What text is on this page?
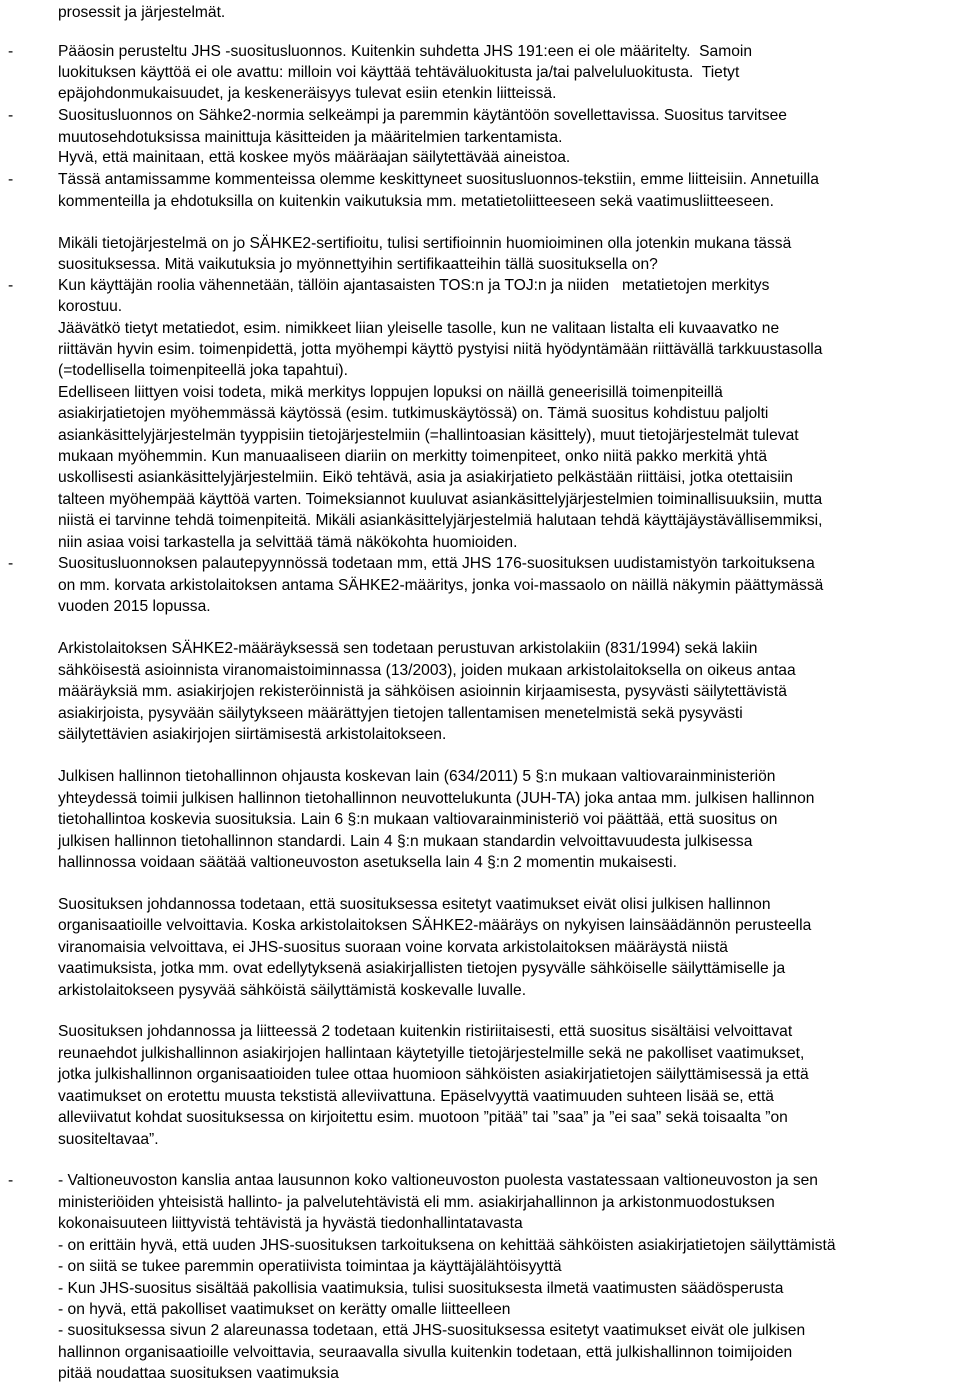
prosessit ja järjestelmät.

Pääosin perusteltu JHS -suositusluonnos. Kuitenkin suhdetta JHS 191:een ei ole määritelty.  Samoin

-

luokituksen käyttöä ei ole avattu: milloin voi käyttää tehtäväluokitusta ja/tai palveluluokitusta.  Tietyt

epäjohdonmukaisuudet, ja keskeneräisyys tulevat esiin etenkin liitteissä.

Suositusluonnos on Sähke2-normia selkeämpi ja paremmin käytäntöön sovellettavissa. Suositus tarvitsee

-

muutosehdotuksissa mainittuja käsitteiden ja määritelmien tarkentamista.

Hyvä, että mainitaan, että koskee myös määräajan säilytettävää aineistoa.

Tässä antamissamme kommenteissa olemme keskittyneet suositusluonnos-tekstiin, emme liitteisiin. Annetuilla

-

kommenteilla ja ehdotuksilla on kuitenkin vaikutuksia mm. metatietoliitteeseen sekä vaatimusliitteeseen.

Mikäli tietojärjestelmä on jo SÄHKE2-sertifioitu, tulisi sertifioinnin huomioiminen olla jotenkin mukana tässä

suosituksessa. Mitä vaikutuksia jo myönnettyihin sertifikaatteihin tällä suosituksella on?

Kun käyttäjän roolia vähennetään, tällöin ajantasaisten TOS:n ja TOJ:n ja niiden   metatietojen merkitys

-

korostuu.

Jäävätkö tietyt metatiedot, esim. nimikkeet liian yleiselle tasolle, kun ne valitaan listalta eli kuvaavatko ne

riittävän hyvin esim. toimenpidettä, jotta myöhempi käyttö pystyisi niitä hyödyntämään riittävällä tarkkuustasolla

(=todellisella toimenpiteellä joka tapahtui).

Edelliseen liittyen voisi todeta, mikä merkitys loppujen lopuksi on näillä geneerisillä toimenpiteillä

asiakirjatietojen myöhemmässä käytössä (esim. tutkimuskäytössä) on. Tämä suositus kohdistuu paljolti

asiankäsittelyjärjestelmän tyyppisiin tietojärjestelmiin (=hallintoasian käsittely), muut tietojärjestelmät tulevat

mukaan myöhemmin. Kun manuaaliseen diariin on merkitty toimenpiteet, onko niitä pakko merkitä yhtä

uskollisesti asiankäsittelyjärjestelmiin. Eikö tehtävä, asia ja asiakirjatieto pelkästään riittäisi, jotka otettaisiin

talteen myöhempää käyttöä varten. Toimeksiannot kuuluvat asiankäsittelyjärjestelmien toiminallisuuksiin, mutta

niistä ei tarvinne tehdä toimenpiteitä. Mikäli asiankäsittelyjärjestelmiä halutaan tehdä käyttäjäystävällisemmiksi,

niin asiaa voisi tarkastella ja selvittää tämä näkökohta huomioiden.

Suositusluonnoksen palautepyynnössä todetaan mm, että JHS 176-suosituksen uudistamistyön tarkoituksena

-

on mm. korvata arkistolaitoksen antama SÄHKE2-määritys, jonka voi-massaolo on näillä näkymin päättymässä

vuoden 2015 lopussa.

Arkistolaitoksen SÄHKE2-määräyksessä sen todetaan perustuvan arkistolakiin (831/1994) sekä lakiin

sähköisestä asioinnista viranomaistoiminnassa (13/2003), joiden mukaan arkistolaitoksella on oikeus antaa

määräyksiä mm. asiakirjojen rekisteröinnistä ja sähköisen asioinnin kirjaamisesta, pysyvästi säilytettävistä

asiakirjoista, pysyvään säilytykseen määrättyjen tietojen tallentamisen menetelmistä sekä pysyvästi

säilytettävien asiakirjojen siirtämisestä arkistolaitokseen.

Julkisen hallinnon tietohallinnon ohjausta koskevan lain (634/2011) 5 §:n mukaan valtiovarainministeriön

yhteydessä toimii julkisen hallinnon tietohallinnon neuvottelukunta (JUH-TA) joka antaa mm. julkisen hallinnon

tietohallintoa koskevia suosituksia. Lain 6 §:n mukaan valtiovarainministeriö voi päättää, että suositus on

julkisen hallinnon tietohallinnon standardi. Lain 4 §:n mukaan standardin velvoittavuudesta julkisessa

hallinnossa voidaan säätää valtioneuvoston asetuksella lain 4 §:n 2 momentin mukaisesti.

Suosituksen johdannossa todetaan, että suosituksessa esitetyt vaatimukset eivät olisi julkisen hallinnon

organisaatioille velvoittavia. Koska arkistolaitoksen SÄHKE2-määräys on nykyisen lainsäädännön perusteella

viranomaisia velvoittava, ei JHS-suositus suoraan voine korvata arkistolaitoksen määräystä niistä

vaatimuksista, jotka mm. ovat edellytyksenä asiakirjallisten tietojen pysyvälle sähköiselle säilyttämiselle ja

arkistolaitokseen pysyvää sähköistä säilyttämistä koskevalle luvalle.

Suosituksen johdannossa ja liitteessä 2 todetaan kuitenkin ristiriitaisesti, että suositus sisältäisi velvoittavat

reunaehdot julkishallinnon asiakirjojen hallintaan käytetyille tietojärjestelmille sekä ne pakolliset vaatimukset,

jotka julkishallinnon organisaatioiden tulee ottaa huomioon sähköisten asiakirjatietojen säilyttämisessä ja että

vaatimukset on erotettu muusta tekstistä alleviivattuna. Epäselvyyttä vaatimuuden suhteen lisää se, että

alleviivatut kohdat suosituksessa on kirjoitettu esim. muotoon ”pitää” tai ”saa” ja ”ei saa” sekä toisaalta ”on

suositeltavaa”.

- Valtioneuvoston kanslia antaa lausunnon koko valtioneuvoston puolesta vastatessaan valtioneuvoston ja sen

-

ministeriöiden yhteisistä hallinto- ja palvelutehtävistä eli mm. asiakirjahallinnon ja arkistonmuodostuksen

kokonaisuuteen liittyvistä tehtävistä ja hyvästä tiedonhallintatavasta

- on erittäin hyvä, että uuden JHS-suosituksen tarkoituksena on kehittää sähköisten asiakirjatietojen säilyttämistä

- on siitä se tukee paremmin operatiivista toimintaa ja käyttäjälähtöisyyttä

- Kun JHS-suositus sisältää pakollisia vaatimuksia, tulisi suosituksesta ilmetä vaatimusten säädösperusta

- on hyvä, että pakolliset vaatimukset on kerätty omalle liitteelleen

- suosituksessa sivun 2 alareunassa todetaan, että JHS-suosituksessa esitetyt vaatimukset eivät ole julkisen

hallinnon organisaatioille velvoittavia, seuraavalla sivulla kuitenkin todetaan, että julkishallinnon toimijoiden

pitää noudattaa suosituksen vaatimuksia
